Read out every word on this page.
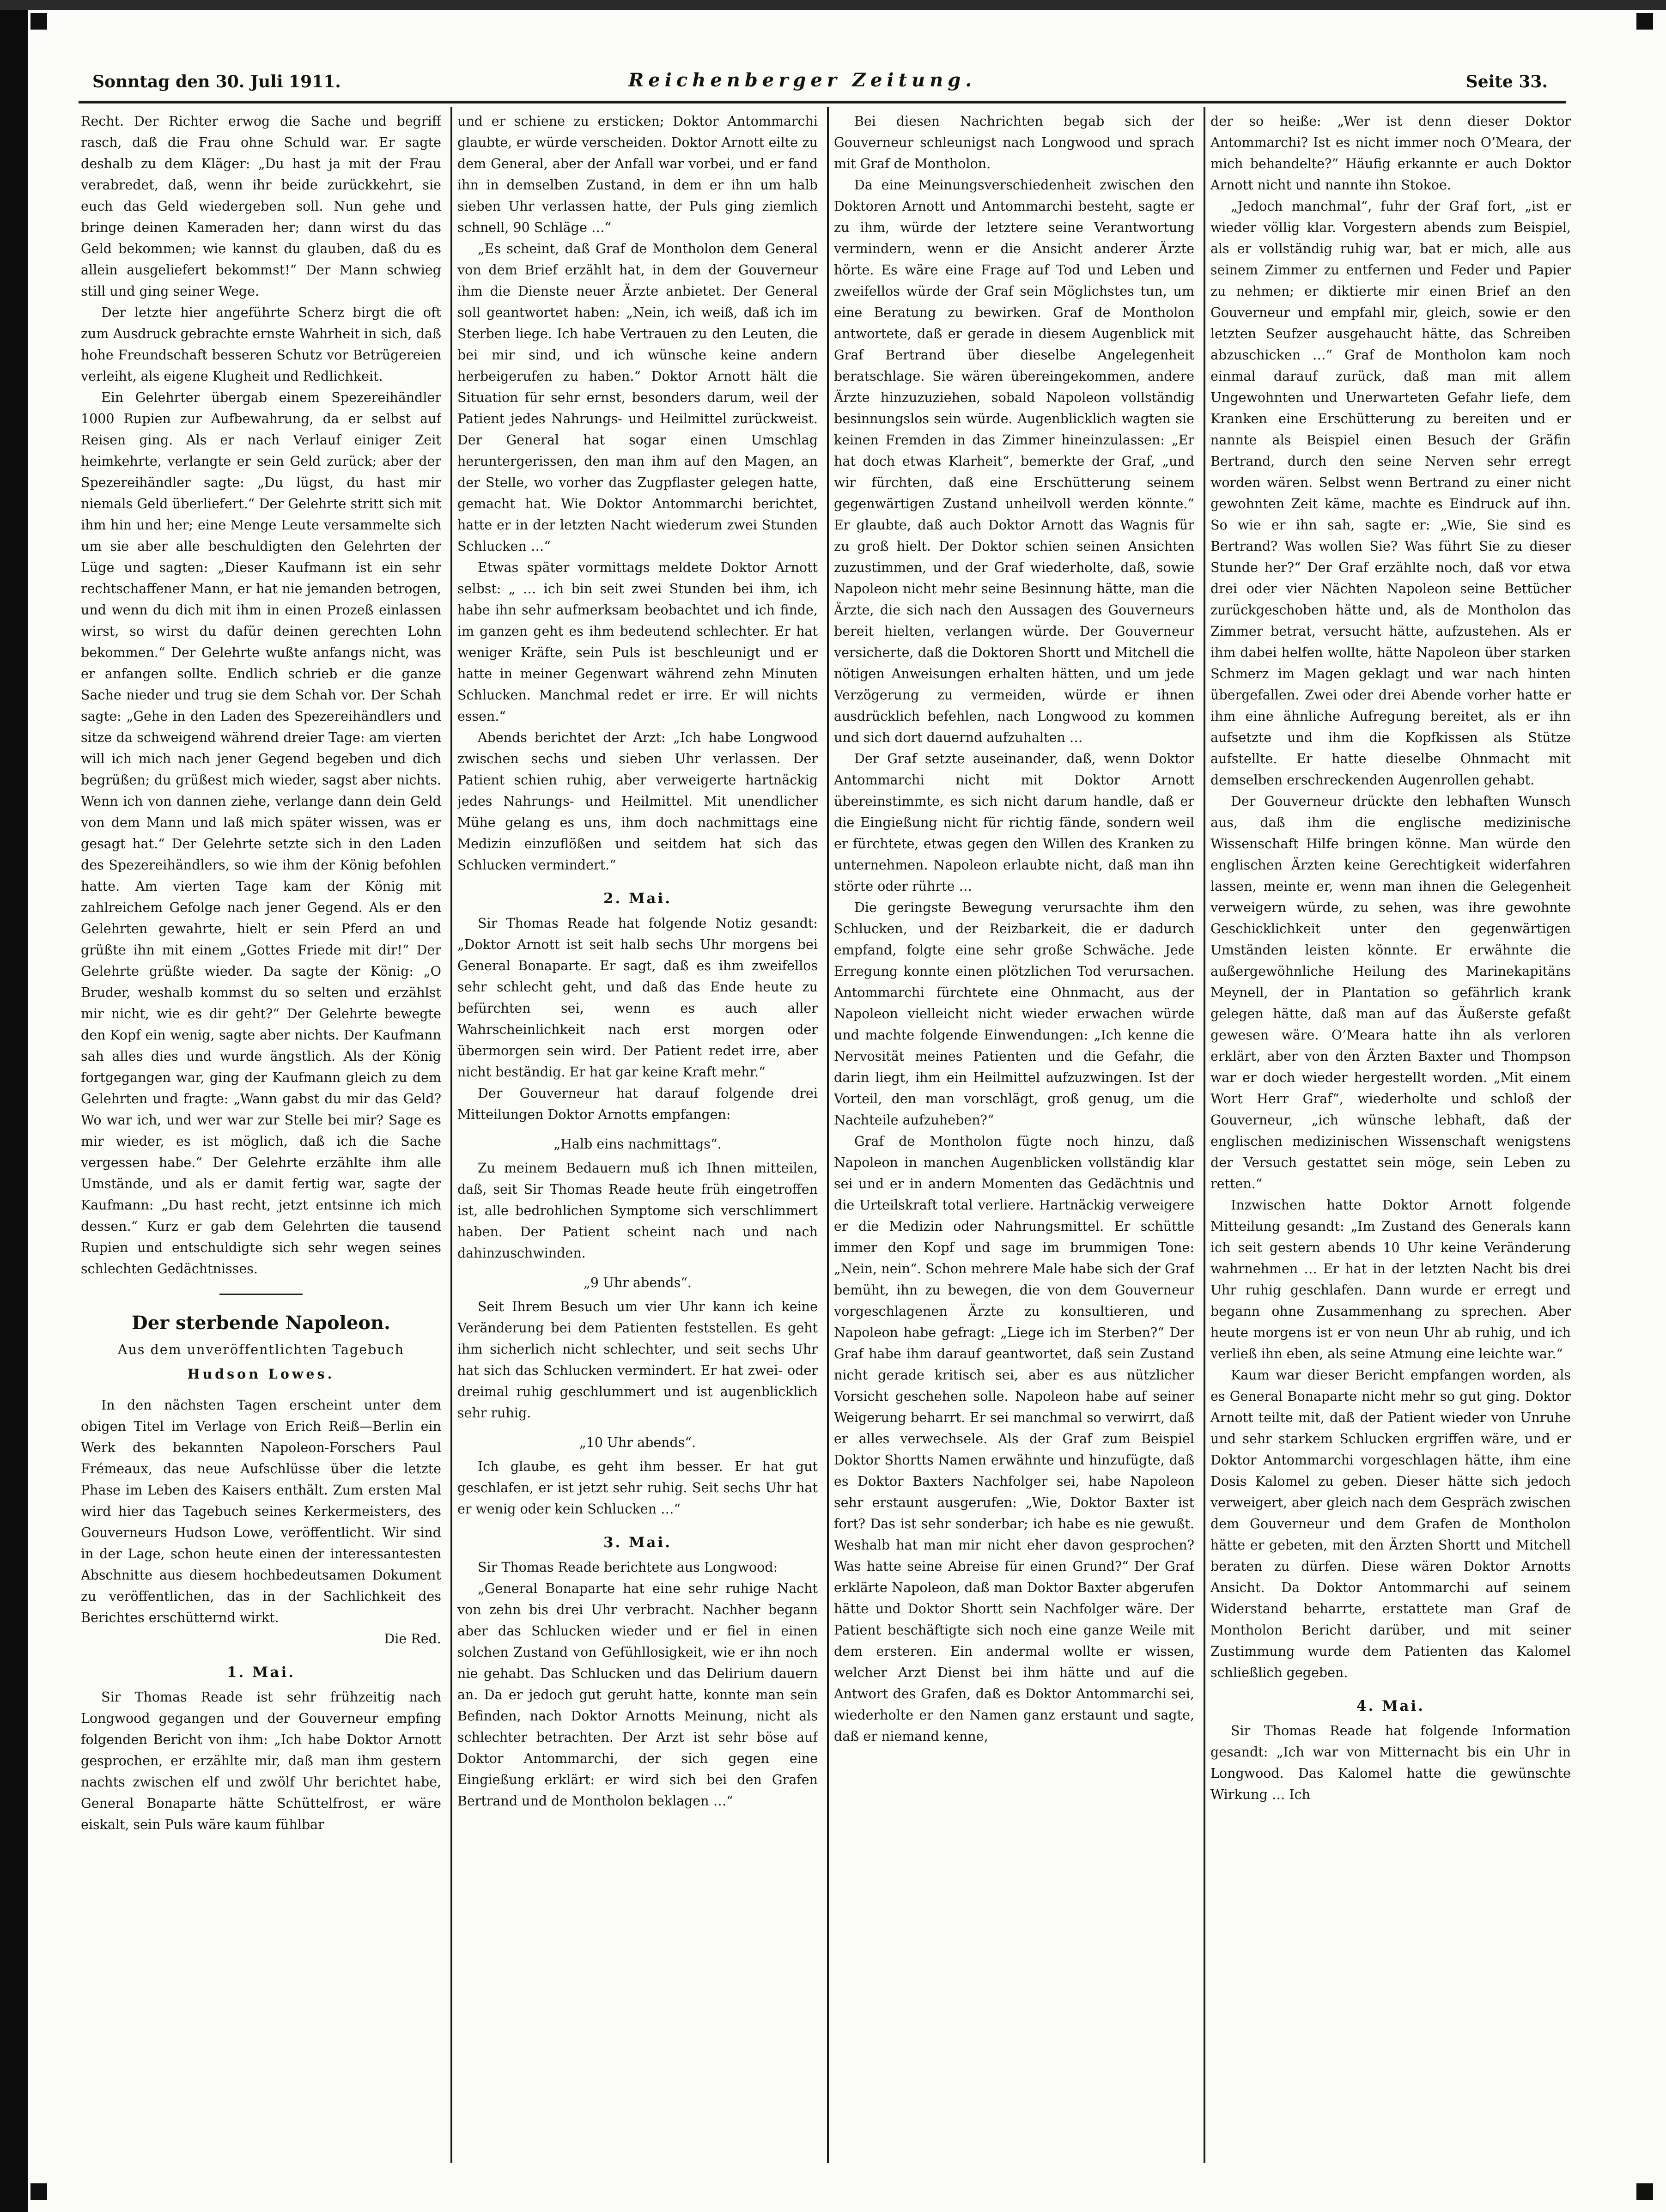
Sonntag den 30. Juli 1911.	Reichenberger Zeitung.	Seite 33.

Recht. Der Richter erwog die Sache und begriff rasch, daß die Frau ohne Schuld war. Er sagte deshalb zu dem Kläger: „Du hast ja mit der Frau verabredet, daß, wenn ihr beide zurückkehrt, sie euch das Geld wiedergeben soll. Nun gehe und bringe deinen Kameraden her; dann wirst du das Geld bekommen; wie kannst du glauben, daß du es allein ausgeliefert bekommst!“ Der Mann schwieg still und ging seiner Wege.

Der letzte hier angeführte Scherz birgt die oft zum Ausdruck gebrachte ernste Wahrheit in sich, daß hohe Freundschaft besseren Schutz vor Betrügereien verleiht, als eigene Klugheit und Redlichkeit.

Ein Gelehrter übergab einem Spezereihändler 1000 Rupien zur Aufbewahrung, da er selbst auf Reisen ging. Als er nach Verlauf einiger Zeit heimkehrte, verlangte er sein Geld zurück; aber der Spezereihändler sagte: „Du lügst, du hast mir niemals Geld überliefert.“ Der Gelehrte stritt sich mit ihm hin und her; eine Menge Leute versammelte sich um sie aber alle beschuldigten den Gelehrten der Lüge und sagten: „Dieser Kaufmann ist ein sehr rechtschaffener Mann, er hat nie jemanden betrogen, und wenn du dich mit ihm in einen Prozeß einlassen wirst, so wirst du dafür deinen gerechten Lohn bekommen.“ Der Gelehrte wußte anfangs nicht, was er anfangen sollte. Endlich schrieb er die ganze Sache nieder und trug sie dem Schah vor. Der Schah sagte: „Gehe in den Laden des Spezereihändlers und sitze da schweigend während dreier Tage: am vierten will ich mich nach jener Gegend begeben und dich begrüßen; du grüßest mich wieder, sagst aber nichts. Wenn ich von dannen ziehe, verlange dann dein Geld von dem Mann und laß mich später wissen, was er gesagt hat.“ Der Gelehrte setzte sich in den Laden des Spezereihändlers, so wie ihm der König befohlen hatte. Am vierten Tage kam der König mit zahlreichem Gefolge nach jener Gegend. Als er den Gelehrten gewahrte, hielt er sein Pferd an und grüßte ihn mit einem „Gottes Friede mit dir!“ Der Gelehrte grüßte wieder. Da sagte der König: „O Bruder, weshalb kommst du so selten und erzählst mir nicht, wie es dir geht?“ Der Gelehrte bewegte den Kopf ein wenig, sagte aber nichts. Der Kaufmann sah alles dies und wurde ängstlich. Als der König fortgegangen war, ging der Kaufmann gleich zu dem Gelehrten und fragte: „Wann gabst du mir das Geld? Wo war ich, und wer war zur Stelle bei mir? Sage es mir wieder, es ist möglich, daß ich die Sache vergessen habe.“ Der Gelehrte erzählte ihm alle Umstände, und als er damit fertig war, sagte der Kaufmann: „Du hast recht, jetzt entsinne ich mich dessen.“ Kurz er gab dem Gelehrten die tausend Rupien und entschuldigte sich sehr wegen seines schlechten Gedächtnisses.

Der sterbende Napoleon.

Aus dem unveröffentlichten Tagebuch

Hudson Lowes.

In den nächsten Tagen erscheint unter dem obigen Titel im Verlage von Erich Reiß—Berlin ein Werk des bekannten Napoleon-Forschers Paul Frémeaux, das neue Aufschlüsse über die letzte Phase im Leben des Kaisers enthält. Zum ersten Mal wird hier das Tagebuch seines Kerkermeisters, des Gouverneurs Hudson Lowe, veröffentlicht. Wir sind in der Lage, schon heute einen der interessantesten Abschnitte aus diesem hochbedeutsamen Dokument zu veröffentlichen, das in der Sachlichkeit des Berichtes erschütternd wirkt.

Die Red.

1. Mai.

Sir Thomas Reade ist sehr frühzeitig nach Longwood gegangen und der Gouverneur empfing folgenden Bericht von ihm: „Ich habe Doktor Arnott gesprochen, er erzählte mir, daß man ihm gestern nachts zwischen elf und zwölf Uhr berichtet habe, General Bonaparte hätte Schüttelfrost, er wäre eiskalt, sein Puls wäre kaum fühlbar

und er schiene zu ersticken; Doktor Antommarchi glaubte, er würde verscheiden. Doktor Arnott eilte zu dem General, aber der Anfall war vorbei, und er fand ihn in demselben Zustand, in dem er ihn um halb sieben Uhr verlassen hatte, der Puls ging ziemlich schnell, 90 Schläge …“

„Es scheint, daß Graf de Montholon dem General von dem Brief erzählt hat, in dem der Gouverneur ihm die Dienste neuer Ärzte anbietet. Der General soll geantwortet haben: „Nein, ich weiß, daß ich im Sterben liege. Ich habe Vertrauen zu den Leuten, die bei mir sind, und ich wünsche keine andern herbeigerufen zu haben.“ Doktor Arnott hält die Situation für sehr ernst, besonders darum, weil der Patient jedes Nahrungs- und Heilmittel zurückweist. Der General hat sogar einen Umschlag heruntergerissen, den man ihm auf den Magen, an der Stelle, wo vorher das Zugpflaster gelegen hatte, gemacht hat. Wie Doktor Antommarchi berichtet, hatte er in der letzten Nacht wiederum zwei Stunden Schlucken …“

Etwas später vormittags meldete Doktor Arnott selbst: „ … ich bin seit zwei Stunden bei ihm, ich habe ihn sehr aufmerksam beobachtet und ich finde, im ganzen geht es ihm bedeutend schlechter. Er hat weniger Kräfte, sein Puls ist beschleunigt und er hatte in meiner Gegenwart während zehn Minuten Schlucken. Manchmal redet er irre. Er will nichts essen.“

Abends berichtet der Arzt: „Ich habe Longwood zwischen sechs und sieben Uhr verlassen. Der Patient schien ruhig, aber verweigerte hartnäckig jedes Nahrungs- und Heilmittel. Mit unendlicher Mühe gelang es uns, ihm doch nachmittags eine Medizin einzuflößen und seitdem hat sich das Schlucken vermindert.“

2. Mai.

Sir Thomas Reade hat folgende Notiz gesandt: „Doktor Arnott ist seit halb sechs Uhr morgens bei General Bonaparte. Er sagt, daß es ihm zweifellos sehr schlecht geht, und daß das Ende heute zu befürchten sei, wenn es auch aller Wahrscheinlichkeit nach erst morgen oder übermorgen sein wird. Der Patient redet irre, aber nicht beständig. Er hat gar keine Kraft mehr.“

Der Gouverneur hat darauf folgende drei Mitteilungen Doktor Arnotts empfangen:

„Halb eins nachmittags“.

Zu meinem Bedauern muß ich Ihnen mitteilen, daß, seit Sir Thomas Reade heute früh eingetroffen ist, alle bedrohlichen Symptome sich verschlimmert haben. Der Patient scheint nach und nach dahinzuschwinden.

„9 Uhr abends“.

Seit Ihrem Besuch um vier Uhr kann ich keine Veränderung bei dem Patienten feststellen. Es geht ihm sicherlich nicht schlechter, und seit sechs Uhr hat sich das Schlucken vermindert. Er hat zwei- oder dreimal ruhig geschlummert und ist augenblicklich sehr ruhig.

„10 Uhr abends“.

Ich glaube, es geht ihm besser. Er hat gut geschlafen, er ist jetzt sehr ruhig. Seit sechs Uhr hat er wenig oder kein Schlucken …“

3. Mai.

Sir Thomas Reade berichtete aus Longwood:

„General Bonaparte hat eine sehr ruhige Nacht von zehn bis drei Uhr verbracht. Nachher begann aber das Schlucken wieder und er fiel in einen solchen Zustand von Gefühllosigkeit, wie er ihn noch nie gehabt. Das Schlucken und das Delirium dauern an. Da er jedoch gut geruht hatte, konnte man sein Befinden, nach Doktor Arnotts Meinung, nicht als schlechter betrachten. Der Arzt ist sehr böse auf Doktor Antommarchi, der sich gegen eine Eingießung erklärt: er wird sich bei den Grafen Bertrand und de Montholon beklagen …“

Bei diesen Nachrichten begab sich der Gouverneur schleunigst nach Longwood und sprach mit Graf de Montholon.

Da eine Meinungsverschiedenheit zwischen den Doktoren Arnott und Antommarchi besteht, sagte er zu ihm, würde der letztere seine Verantwortung vermindern, wenn er die Ansicht anderer Ärzte hörte. Es wäre eine Frage auf Tod und Leben und zweifellos würde der Graf sein Möglichstes tun, um eine Beratung zu bewirken. Graf de Montholon antwortete, daß er gerade in diesem Augenblick mit Graf Bertrand über dieselbe Angelegenheit beratschlage. Sie wären übereingekommen, andere Ärzte hinzuzuziehen, sobald Napoleon vollständig besinnungslos sein würde. Augenblicklich wagten sie keinen Fremden in das Zimmer hineinzulassen: „Er hat doch etwas Klarheit“, bemerkte der Graf, „und wir fürchten, daß eine Erschütterung seinem gegenwärtigen Zustand unheilvoll werden könnte.“ Er glaubte, daß auch Doktor Arnott das Wagnis für zu groß hielt. Der Doktor schien seinen Ansichten zuzustimmen, und der Graf wiederholte, daß, sowie Napoleon nicht mehr seine Besinnung hätte, man die Ärzte, die sich nach den Aussagen des Gouverneurs bereit hielten, verlangen würde. Der Gouverneur versicherte, daß die Doktoren Shortt und Mitchell die nötigen Anweisungen erhalten hätten, und um jede Verzögerung zu vermeiden, würde er ihnen ausdrücklich befehlen, nach Longwood zu kommen und sich dort dauernd aufzuhalten …

Der Graf setzte auseinander, daß, wenn Doktor Antommarchi nicht mit Doktor Arnott übereinstimmte, es sich nicht darum handle, daß er die Eingießung nicht für richtig fände, sondern weil er fürchtete, etwas gegen den Willen des Kranken zu unternehmen. Napoleon erlaubte nicht, daß man ihn störte oder rührte …

Die geringste Bewegung verursachte ihm den Schlucken, und der Reizbarkeit, die er dadurch empfand, folgte eine sehr große Schwäche. Jede Erregung konnte einen plötzlichen Tod verursachen. Antommarchi fürchtete eine Ohnmacht, aus der Napoleon vielleicht nicht wieder erwachen würde und machte folgende Einwendungen: „Ich kenne die Nervosität meines Patienten und die Gefahr, die darin liegt, ihm ein Heilmittel aufzuzwingen. Ist der Vorteil, den man vorschlägt, groß genug, um die Nachteile aufzuheben?“

Graf de Montholon fügte noch hinzu, daß Napoleon in manchen Augenblicken vollständig klar sei und er in andern Momenten das Gedächtnis und die Urteilskraft total verliere. Hartnäckig verweigere er die Medizin oder Nahrungsmittel. Er schüttle immer den Kopf und sage im brummigen Tone: „Nein, nein“. Schon mehrere Male habe sich der Graf bemüht, ihn zu bewegen, die von dem Gouverneur vorgeschlagenen Ärzte zu konsultieren, und Napoleon habe gefragt: „Liege ich im Sterben?“ Der Graf habe ihm darauf geantwortet, daß sein Zustand nicht gerade kritisch sei, aber es aus nützlicher Vorsicht geschehen solle. Napoleon habe auf seiner Weigerung beharrt. Er sei manchmal so verwirrt, daß er alles verwechsele. Als der Graf zum Beispiel Doktor Shortts Namen erwähnte und hinzufügte, daß es Doktor Baxters Nachfolger sei, habe Napoleon sehr erstaunt ausgerufen: „Wie, Doktor Baxter ist fort? Das ist sehr sonderbar; ich habe es nie gewußt. Weshalb hat man mir nicht eher davon gesprochen? Was hatte seine Abreise für einen Grund?“ Der Graf erklärte Napoleon, daß man Doktor Baxter abgerufen hätte und Doktor Shortt sein Nachfolger wäre. Der Patient beschäftigte sich noch eine ganze Weile mit dem ersteren. Ein andermal wollte er wissen, welcher Arzt Dienst bei ihm hätte und auf die Antwort des Grafen, daß es Doktor Antommarchi sei, wiederholte er den Namen ganz erstaunt und sagte, daß er niemand kenne,

der so heiße: „Wer ist denn dieser Doktor Antommarchi? Ist es nicht immer noch O’Meara, der mich behandelte?“ Häufig erkannte er auch Doktor Arnott nicht und nannte ihn Stokoe.

„Jedoch manchmal“, fuhr der Graf fort, „ist er wieder völlig klar. Vorgestern abends zum Beispiel, als er vollständig ruhig war, bat er mich, alle aus seinem Zimmer zu entfernen und Feder und Papier zu nehmen; er diktierte mir einen Brief an den Gouverneur und empfahl mir, gleich, sowie er den letzten Seufzer ausgehaucht hätte, das Schreiben abzuschicken …“ Graf de Montholon kam noch einmal darauf zurück, daß man mit allem Ungewohnten und Unerwarteten Gefahr liefe, dem Kranken eine Erschütterung zu bereiten und er nannte als Beispiel einen Besuch der Gräfin Bertrand, durch den seine Nerven sehr erregt worden wären. Selbst wenn Bertrand zu einer nicht gewohnten Zeit käme, machte es Eindruck auf ihn. So wie er ihn sah, sagte er: „Wie, Sie sind es Bertrand? Was wollen Sie? Was führt Sie zu dieser Stunde her?“ Der Graf erzählte noch, daß vor etwa drei oder vier Nächten Napoleon seine Bettücher zurückgeschoben hätte und, als de Montholon das Zimmer betrat, versucht hätte, aufzustehen. Als er ihm dabei helfen wollte, hätte Napoleon über starken Schmerz im Magen geklagt und war nach hinten übergefallen. Zwei oder drei Abende vorher hatte er ihm eine ähnliche Aufregung bereitet, als er ihn aufsetzte und ihm die Kopfkissen als Stütze aufstellte. Er hatte dieselbe Ohnmacht mit demselben erschreckenden Augenrollen gehabt.

Der Gouverneur drückte den lebhaften Wunsch aus, daß ihm die englische medizinische Wissenschaft Hilfe bringen könne. Man würde den englischen Ärzten keine Gerechtigkeit widerfahren lassen, meinte er, wenn man ihnen die Gelegenheit verweigern würde, zu sehen, was ihre gewohnte Geschicklichkeit unter den gegenwärtigen Umständen leisten könnte. Er erwähnte die außergewöhnliche Heilung des Marinekapitäns Meynell, der in Plantation so gefährlich krank gelegen hätte, daß man auf das Äußerste gefaßt gewesen wäre. O’Meara hatte ihn als verloren erklärt, aber von den Ärzten Baxter und Thompson war er doch wieder hergestellt worden. „Mit einem Wort Herr Graf“, wiederholte und schloß der Gouverneur, „ich wünsche lebhaft, daß der englischen medizinischen Wissenschaft wenigstens der Versuch gestattet sein möge, sein Leben zu retten.“

Inzwischen hatte Doktor Arnott folgende Mitteilung gesandt: „Im Zustand des Generals kann ich seit gestern abends 10 Uhr keine Veränderung wahrnehmen … Er hat in der letzten Nacht bis drei Uhr ruhig geschlafen. Dann wurde er erregt und begann ohne Zusammenhang zu sprechen. Aber heute morgens ist er von neun Uhr ab ruhig, und ich verließ ihn eben, als seine Atmung eine leichte war.“

Kaum war dieser Bericht empfangen worden, als es General Bonaparte nicht mehr so gut ging. Doktor Arnott teilte mit, daß der Patient wieder von Unruhe und sehr starkem Schlucken ergriffen wäre, und er Doktor Antommarchi vorgeschlagen hätte, ihm eine Dosis Kalomel zu geben. Dieser hätte sich jedoch verweigert, aber gleich nach dem Gespräch zwischen dem Gouverneur und dem Grafen de Montholon hätte er gebeten, mit den Ärzten Shortt und Mitchell beraten zu dürfen. Diese wären Doktor Arnotts Ansicht. Da Doktor Antommarchi auf seinem Widerstand beharrte, erstattete man Graf de Montholon Bericht darüber, und mit seiner Zustimmung wurde dem Patienten das Kalomel schließlich gegeben.

4. Mai.

Sir Thomas Reade hat folgende Information gesandt: „Ich war von Mitternacht bis ein Uhr in Longwood. Das Kalomel hatte die gewünschte Wirkung … Ich
